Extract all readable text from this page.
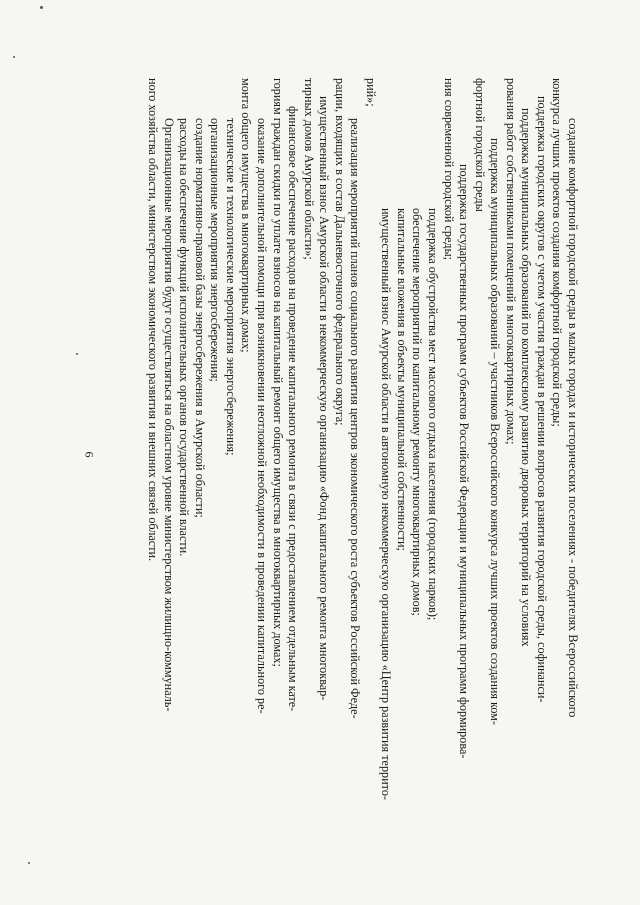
6	создание комфортной городской среды в малых городах и исторических поселениях - победителях Всероссийского
конкурса лучших проектов создания комфортной городской среды;
поддержка городских округов с учетом участия граждан в решении вопросов развития городской среды, софинанси-
поддержка муниципальных образований по комплексному развитию дворовых территорий на условиях
рования работ собственниками помещений в многоквартирных домах;
поддержка муниципальных образований – участников Всероссийского конкурса лучших проектов создания ком-
фортной городской среды
поддержка государственных программ субъектов Российской Федерации и муниципальных программ формирова-
ния современной городской среды;
поддержка обустройства мест массового отдыха населения (городских парков);
обеспечение мероприятий по капитальному ремонту многоквартирных домов;
капитальные вложения в объекты муниципальной собственности;
имущественный взнос Амурской области в автономную некоммерческую организацию «Центр развития террито-
рий»;
реализация мероприятий планов социального развития центров экономического роста субъектов Российской Феде-
рации, входящих в состав Дальневосточного федерального округа;
имущественный взнос Амурской области в некоммерческую организацию «Фонд капитального ремонта многоквар-
тирных домов Амурской области»;
финансовое обеспечение расходов на проведение капитального ремонта в связи с предоставлением отдельным кате-
гориям граждан скидки по уплате взносов на капитальный ремонт общего имущества в многоквартирных домах;
оказание дополнительной помощи при возникновении неотложной необходимости в проведении капитального ре-
монта общего имущества в многоквартирных домах;
технические и технологические мероприятия энергосбережения;
организационные мероприятия энергосбережения;
создание нормативно-правовой базы энергосбережения в Амурской области;
расходы на обеспечение функций исполнительных органов государственной власти.
Организационные мероприятия будут осуществляться на областном уровне министерством жилищно-коммуналь-
ного хозяйства области, министерством экономического развития и внешних связей области.
